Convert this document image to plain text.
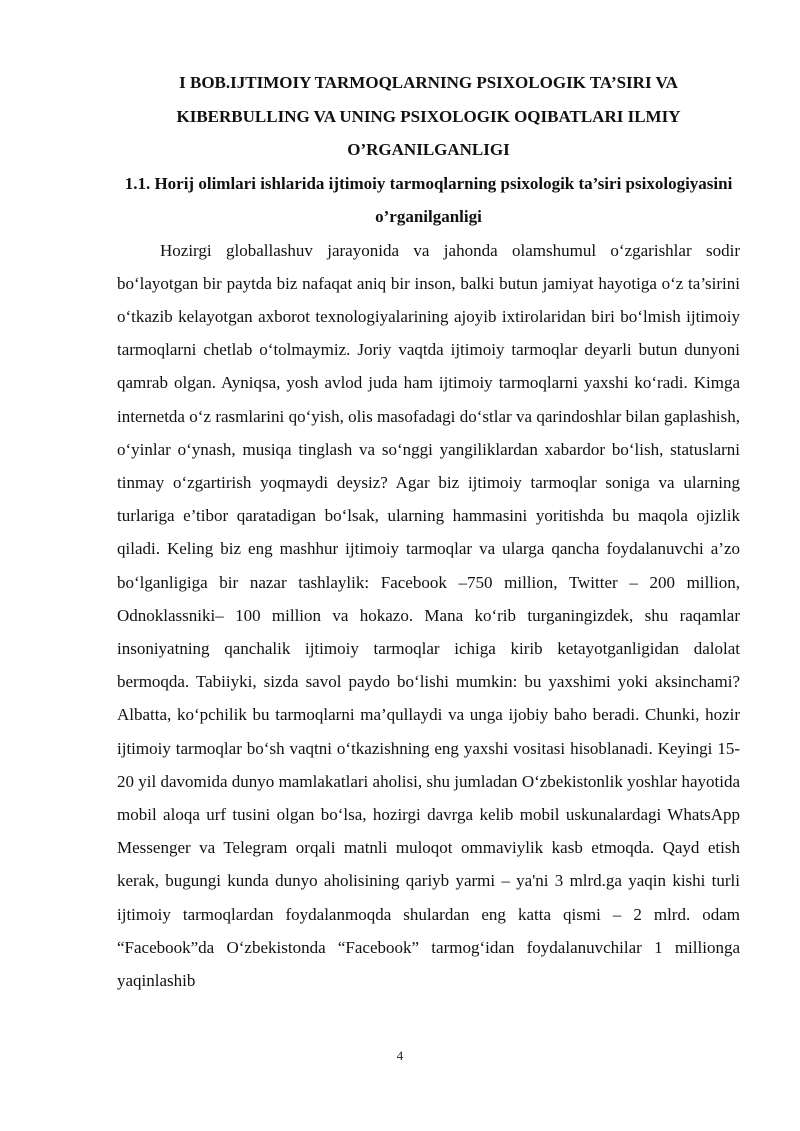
I BOB.IJTIMOIY TARMOQLARNING PSIXOLOGIK TA’SIRI VA KIBERBULLING VA UNING PSIXOLOGIK OQIBATLARI ILMIY O’RGANILGANLIGI
1.1. Horij olimlari ishlarida ijtimoiy tarmoqlarning psixologik ta’siri psixologiyasini o’rganilganligi

Hozirgi globallashuv jarayonida va jahonda olamshumul o‘zgarishlar sodir bo‘layotgan bir paytda biz nafaqat aniq bir inson, balki butun jamiyat hayotiga o‘z ta’sirini o‘tkazib kelayotgan axborot texnologiyalarining ajoyib ixtirolaridan biri bo‘lmish ijtimoiy tarmoqlarni chetlab o‘tolmaymiz. Joriy vaqtda ijtimoiy tarmoqlar deyarli butun dunyoni qamrab olgan. Ayniqsa, yosh avlod juda ham ijtimoiy tarmoqlarni yaxshi ko‘radi. Kimga internetda o‘z rasmlarini qo‘yish, olis masofadagi do‘stlar va qarindoshlar bilan gaplashish, o‘yinlar o‘ynash, musiqa tinglash va so‘nggi yangiliklardan xabardor bo‘lish, statuslarni tinmay o‘zgartirish yoqmaydi deysiz? Agar biz ijtimoiy tarmoqlar soniga va ularning turlariga e’tibor qaratadigan bo‘lsak, ularning hammasini yoritishda bu maqola ojizlik qiladi. Keling biz eng mashhur ijtimoiy tarmoqlar va ularga qancha foydalanuvchi a’zo bo‘lganligiga bir nazar tashlaylik: Facebook –750 million, Twitter – 200 million, Odnoklassniki– 100 million va hokazo. Mana ko‘rib turganingizdek, shu raqamlar insoniyatning qanchalik ijtimoiy tarmoqlar ichiga kirib ketayotganligidan dalolat bermoqda. Tabiiyki, sizda savol paydo bo‘lishi mumkin: bu yaxshimi yoki aksinchami? Albatta, ko‘pchilik bu tarmoqlarni ma’qullaydi va unga ijobiy baho beradi. Chunki, hozir ijtimoiy tarmoqlar bo‘sh vaqtni o‘tkazishning eng yaxshi vositasi hisoblanadi. Keyingi 15-20 yil davomida dunyo mamlakatlari aholisi, shu jumladan O‘zbekistonlik yoshlar hayotida mobil aloqa urf tusini olgan bo‘lsa, hozirgi davrga kelib mobil uskunalardagi WhatsApp Messenger va Telegram orqali matnli muloqot ommaviylik kasb etmoqda. Qayd etish kerak, bugungi kunda dunyo aholisining qariyb yarmi – ya'ni 3 mlrd.ga yaqin kishi turli ijtimoiy tarmoqlardan foydalanmoqda shulardan eng katta qismi – 2 mlrd. odam “Facebook”da O‘zbekistonda “Facebook” tarmog‘idan foydalanuvchilar 1 millionga yaqinlashib

4
